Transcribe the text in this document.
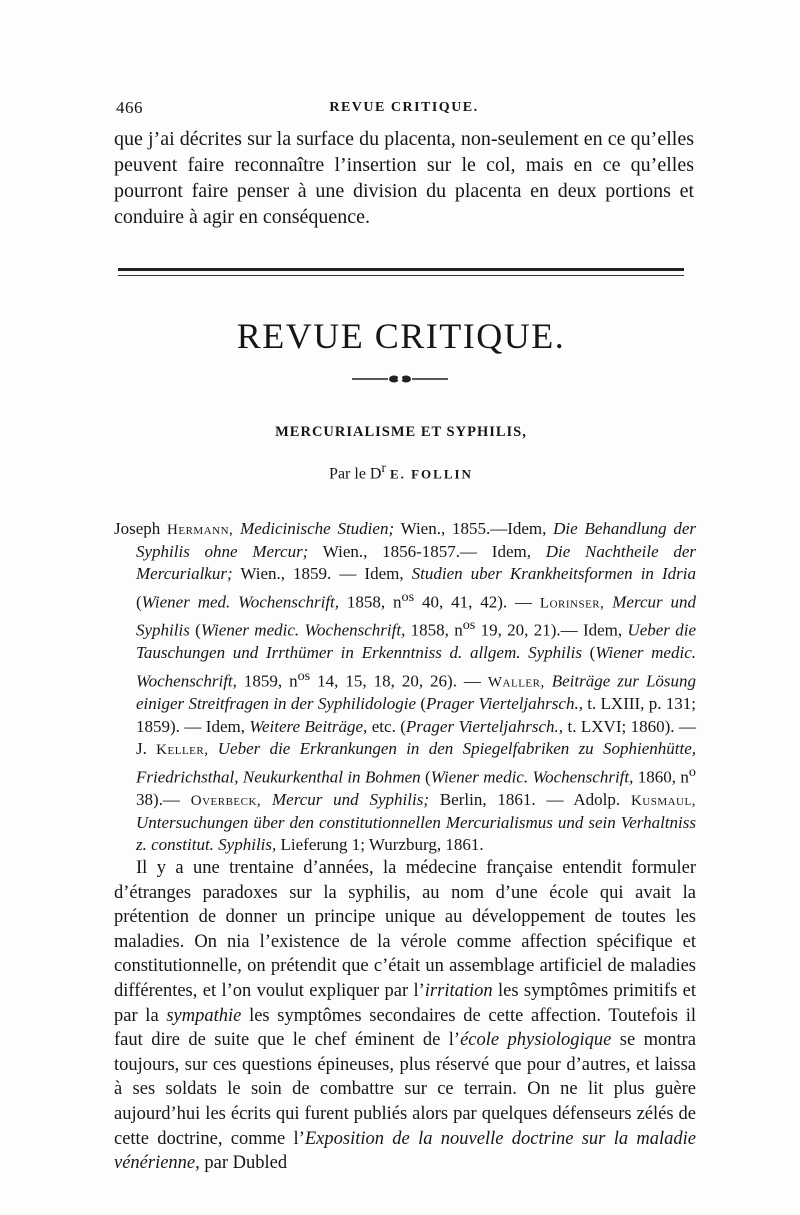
466	REVUE CRITIQUE.

que j’ai décrites sur la surface du placenta, non-seulement en ce qu’elles peuvent faire reconnaître l’insertion sur le col, mais en ce qu’elles pourront faire penser à une division du placenta en deux portions et conduire à agir en conséquence.

REVUE CRITIQUE.
MERCURIALISME ET SYPHILIS,
Par le $D^r$ E. FOLLIN

Joseph Hermann, Medicinische Studien; Wien., 1855.—Idem, Die Behandlung der Syphilis ohne Mercur; Wien., 1856-1857.— Idem, Die Nachtheile der Mercurialkur; Wien., 1859. — Idem, Studien uber Krankheitsformen in Idria (Wiener med. Wochenschrift, 1858, $n^{os}$ 40, 41, 42). — Lorinser, Mercur und Syphilis (Wiener medic. Wochenschrift, 1858, $n^{os}$ 19, 20, 21).— Idem, Ueber die Tauschungen und Irrthümer in Erkenntniss d. allgem. Syphilis (Wiener medic. Wochenschrift, 1859, $n^{os}$ 14, 15, 18, 20, 26). — Waller, Beiträge zur Lösung einiger Streitfragen in der Syphilidologie (Prager Vierteljahrsch., t. LXIII, p. 131; 1859). — Idem, Weitere Beiträge, etc. (Prager Vierteljahrsch., t. LXVI; 1860). — J. Keller, Ueber die Erkrankungen in den Spiegelfabriken zu Sophienhütte, Friedrichsthal, Neukurkenthal in Bohmen (Wiener medic. Wochenschrift, 1860, $n^o$ 38).— Overbeck, Mercur und Syphilis; Berlin, 1861. — Adolp. Kusmaul, Untersuchungen über den constitutionnellen Mercurialismus und sein Verhaltniss z. constitut. Syphilis, Lieferung 1; Wurzburg, 1861.

Il y a une trentaine d’années, la médecine française entendit formuler d’étranges paradoxes sur la syphilis, au nom d’une école qui avait la prétention de donner un principe unique au développement de toutes les maladies. On nia l’existence de la vérole comme affection spécifique et constitutionnelle, on prétendit que c’était un assemblage artificiel de maladies différentes, et l’on voulut expliquer par l’irritation les symptômes primitifs et par la sympathie les symptômes secondaires de cette affection. Toutefois il faut dire de suite que le chef éminent de l’école physiologique se montra toujours, sur ces questions épineuses, plus réservé que pour d’autres, et laissa à ses soldats le soin de combattre sur ce terrain. On ne lit plus guère aujourd’hui les écrits qui furent publiés alors par quelques défenseurs zélés de cette doctrine, comme l’Exposition de la nouvelle doctrine sur la maladie vénérienne, par Dubled
